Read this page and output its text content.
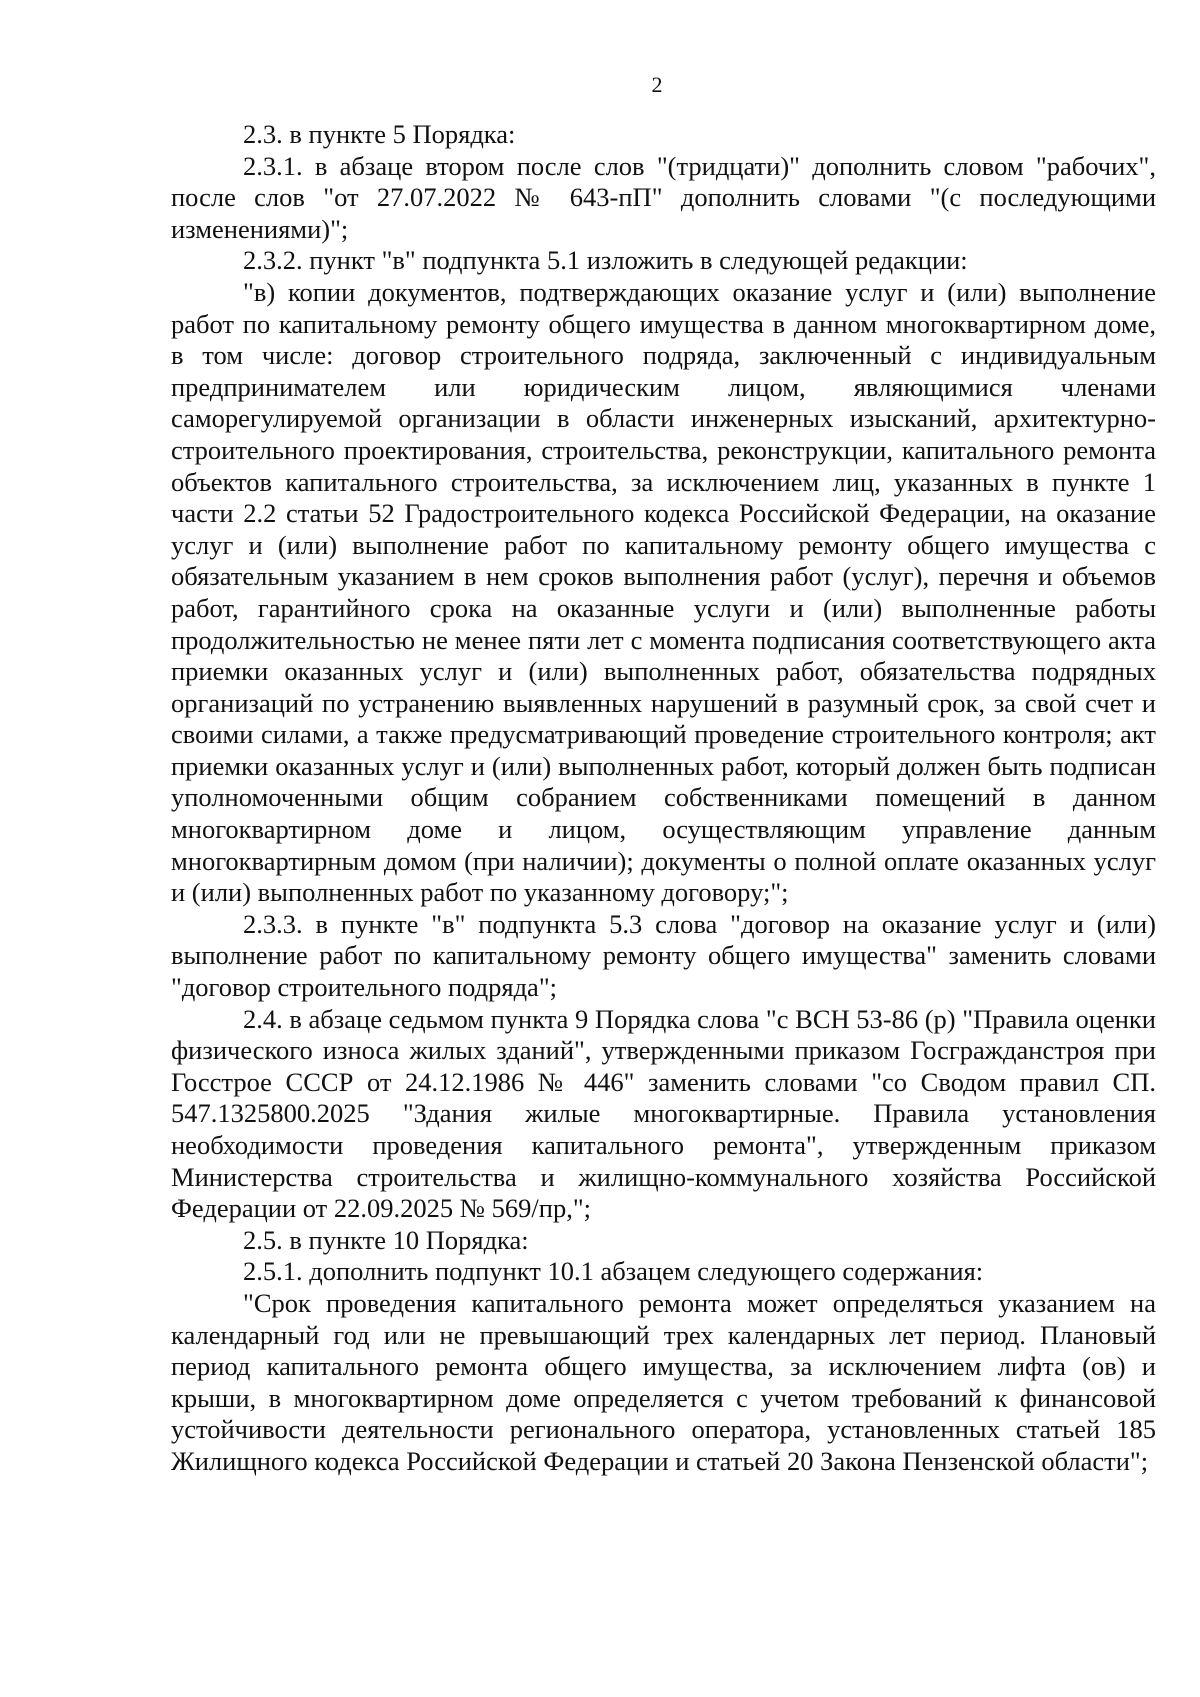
2

2.3. в пункте 5 Порядка:

2.3.1. в абзаце втором после слов "(тридцати)" дополнить словом "рабочих", после слов "от 27.07.2022 № 643-пП" дополнить словами "(с последующими изменениями)";

2.3.2. пункт "в" подпункта 5.1 изложить в следующей редакции:

"в) копии документов, подтверждающих оказание услуг и (или) выполнение работ по капитальному ремонту общего имущества в данном многоквартирном доме, в том числе: договор строительного подряда, заключенный с индивидуальным предпринимателем или юридическим лицом, являющимися членами саморегулируемой организации в области инженерных изысканий, архитектурно-строительного проектирования, строительства, реконструкции, капитального ремонта объектов капитального строительства, за исключением лиц, указанных в пункте 1 части 2.2 статьи 52 Градостроительного кодекса Российской Федерации, на оказание услуг и (или) выполнение работ по капитальному ремонту общего имущества с обязательным указанием в нем сроков выполнения работ (услуг), перечня и объемов работ, гарантийного срока на оказанные услуги и (или) выполненные работы продолжительностью не менее пяти лет с момента подписания соответствующего акта приемки оказанных услуг и (или) выполненных работ, обязательства подрядных организаций по устранению выявленных нарушений в разумный срок, за свой счет и своими силами, а также предусматривающий проведение строительного контроля; акт приемки оказанных услуг и (или) выполненных работ, который должен быть подписан уполномоченными общим собранием собственниками помещений в данном многоквартирном доме и лицом, осуществляющим управление данным многоквартирным домом (при наличии); документы о полной оплате оказанных услуг и (или) выполненных работ по указанному договору;";

2.3.3. в пункте "в" подпункта 5.3 слова "договор на оказание услуг и (или) выполнение работ по капитальному ремонту общего имущества" заменить словами "договор строительного подряда";

2.4. в абзаце седьмом пункта 9 Порядка слова "с ВСН 53-86 (р) "Правила оценки физического износа жилых зданий", утвержденными приказом Госгражданстроя при Госстрое СССР от 24.12.1986 № 446" заменить словами "со Сводом правил СП. 547.1325800.2025 "Здания жилые многоквартирные. Правила установления необходимости проведения капитального ремонта", утвержденным приказом Министерства строительства и жилищно-коммунального хозяйства Российской Федерации от 22.09.2025 № 569/пр,";

2.5. в пункте 10 Порядка:

2.5.1. дополнить подпункт 10.1 абзацем следующего содержания:

"Срок проведения капитального ремонта может определяться указанием на календарный год или не превышающий трех календарных лет период. Плановый период капитального ремонта общего имущества, за исключением лифта (ов) и крыши, в многоквартирном доме определяется с учетом требований к финансовой устойчивости деятельности регионального оператора, установленных статьей 185 Жилищного кодекса Российской Федерации и статьей 20 Закона Пензенской области";
